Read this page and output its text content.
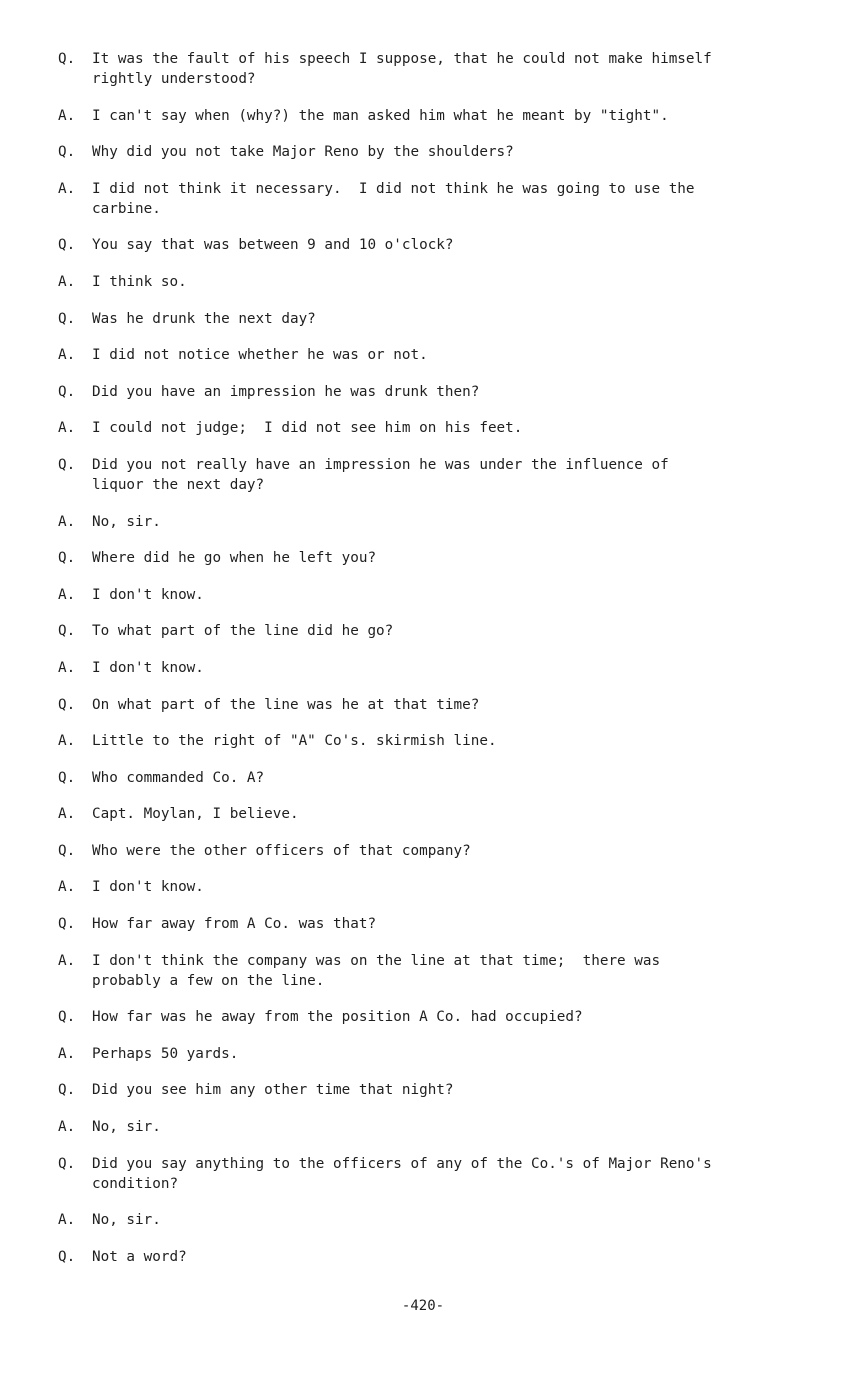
Q.	It was the fault of his speech I suppose, that he could not make himself
rightly understood?
A.	I can't say when (why?) the man asked him what he meant by "tight".
Q.	Why did you not take Major Reno by the shoulders?
A.	I did not think it necessary.  I did not think he was going to use the
carbine.
Q.	You say that was between 9 and 10 o'clock?
A.	I think so.
Q.	Was he drunk the next day?
A.	I did not notice whether he was or not.
Q.	Did you have an impression he was drunk then?
A.	I could not judge;  I did not see him on his feet.
Q.	Did you not really have an impression he was under the influence of
liquor the next day?
A.	No, sir.
Q.	Where did he go when he left you?
A.	I don't know.
Q.	To what part of the line did he go?
A.	I don't know.
Q.	On what part of the line was he at that time?
A.	Little to the right of "A" Co's. skirmish line.
Q.	Who commanded Co. A?
A.	Capt. Moylan, I believe.
Q.	Who were the other officers of that company?
A.	I don't know.
Q.	How far away from A Co. was that?
A.	I don't think the company was on the line at that time;  there was
probably a few on the line.
Q.	How far was he away from the position A Co. had occupied?
A.	Perhaps 50 yards.
Q.	Did you see him any other time that night?
A.	No, sir.
Q.	Did you say anything to the officers of any of the Co.'s of Major Reno's
condition?
A.	No, sir.
Q.	Not a word?
-420-
